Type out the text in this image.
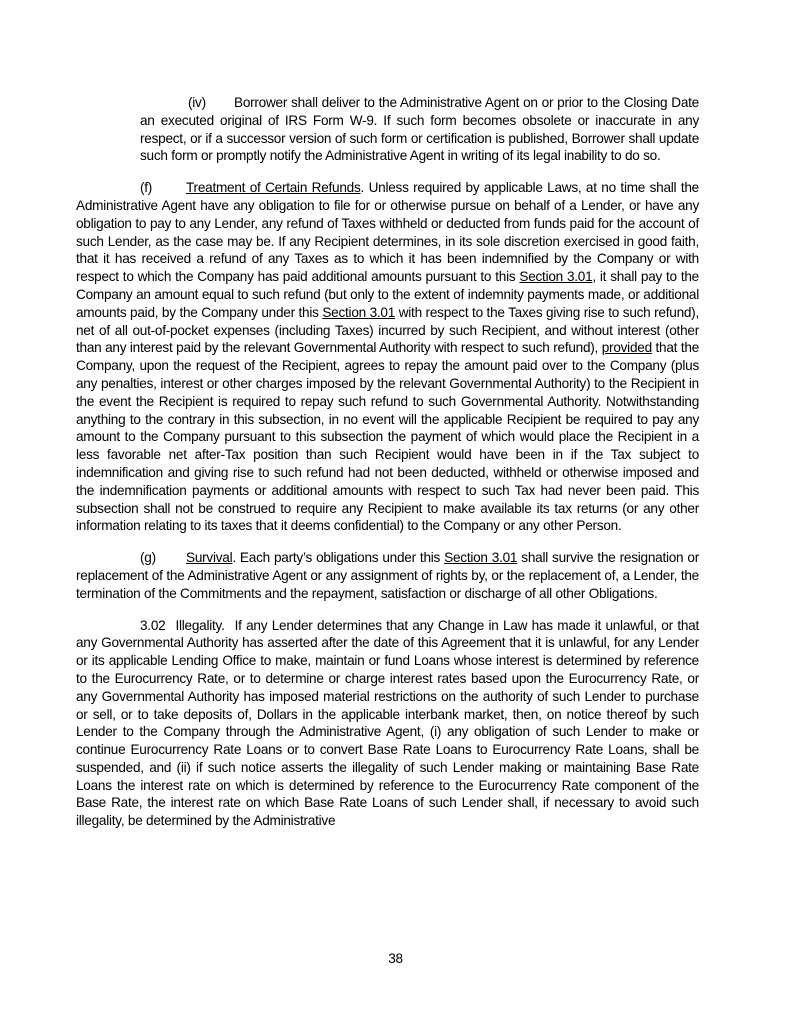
(iv) Borrower shall deliver to the Administrative Agent on or prior to the Closing Date an executed original of IRS Form W-9. If such form becomes obsolete or inaccurate in any respect, or if a successor version of such form or certification is published, Borrower shall update such form or promptly notify the Administrative Agent in writing of its legal inability to do so.

(f) Treatment of Certain Refunds. Unless required by applicable Laws, at no time shall the Administrative Agent have any obligation to file for or otherwise pursue on behalf of a Lender, or have any obligation to pay to any Lender, any refund of Taxes withheld or deducted from funds paid for the account of such Lender, as the case may be. If any Recipient determines, in its sole discretion exercised in good faith, that it has received a refund of any Taxes as to which it has been indemnified by the Company or with respect to which the Company has paid additional amounts pursuant to this Section 3.01, it shall pay to the Company an amount equal to such refund (but only to the extent of indemnity payments made, or additional amounts paid, by the Company under this Section 3.01 with respect to the Taxes giving rise to such refund), net of all out-of-pocket expenses (including Taxes) incurred by such Recipient, and without interest (other than any interest paid by the relevant Governmental Authority with respect to such refund), provided that the Company, upon the request of the Recipient, agrees to repay the amount paid over to the Company (plus any penalties, interest or other charges imposed by the relevant Governmental Authority) to the Recipient in the event the Recipient is required to repay such refund to such Governmental Authority. Notwithstanding anything to the contrary in this subsection, in no event will the applicable Recipient be required to pay any amount to the Company pursuant to this subsection the payment of which would place the Recipient in a less favorable net after-Tax position than such Recipient would have been in if the Tax subject to indemnification and giving rise to such refund had not been deducted, withheld or otherwise imposed and the indemnification payments or additional amounts with respect to such Tax had never been paid. This subsection shall not be construed to require any Recipient to make available its tax returns (or any other information relating to its taxes that it deems confidential) to the Company or any other Person.

(g) Survival. Each party’s obligations under this Section 3.01 shall survive the resignation or replacement of the Administrative Agent or any assignment of rights by, or the replacement of, a Lender, the termination of the Commitments and the repayment, satisfaction or discharge of all other Obligations.

3.02 Illegality. If any Lender determines that any Change in Law has made it unlawful, or that any Governmental Authority has asserted after the date of this Agreement that it is unlawful, for any Lender or its applicable Lending Office to make, maintain or fund Loans whose interest is determined by reference to the Eurocurrency Rate, or to determine or charge interest rates based upon the Eurocurrency Rate, or any Governmental Authority has imposed material restrictions on the authority of such Lender to purchase or sell, or to take deposits of, Dollars in the applicable interbank market, then, on notice thereof by such Lender to the Company through the Administrative Agent, (i) any obligation of such Lender to make or continue Eurocurrency Rate Loans or to convert Base Rate Loans to Eurocurrency Rate Loans, shall be suspended, and (ii) if such notice asserts the illegality of such Lender making or maintaining Base Rate Loans the interest rate on which is determined by reference to the Eurocurrency Rate component of the Base Rate, the interest rate on which Base Rate Loans of such Lender shall, if necessary to avoid such illegality, be determined by the Administrative

38
